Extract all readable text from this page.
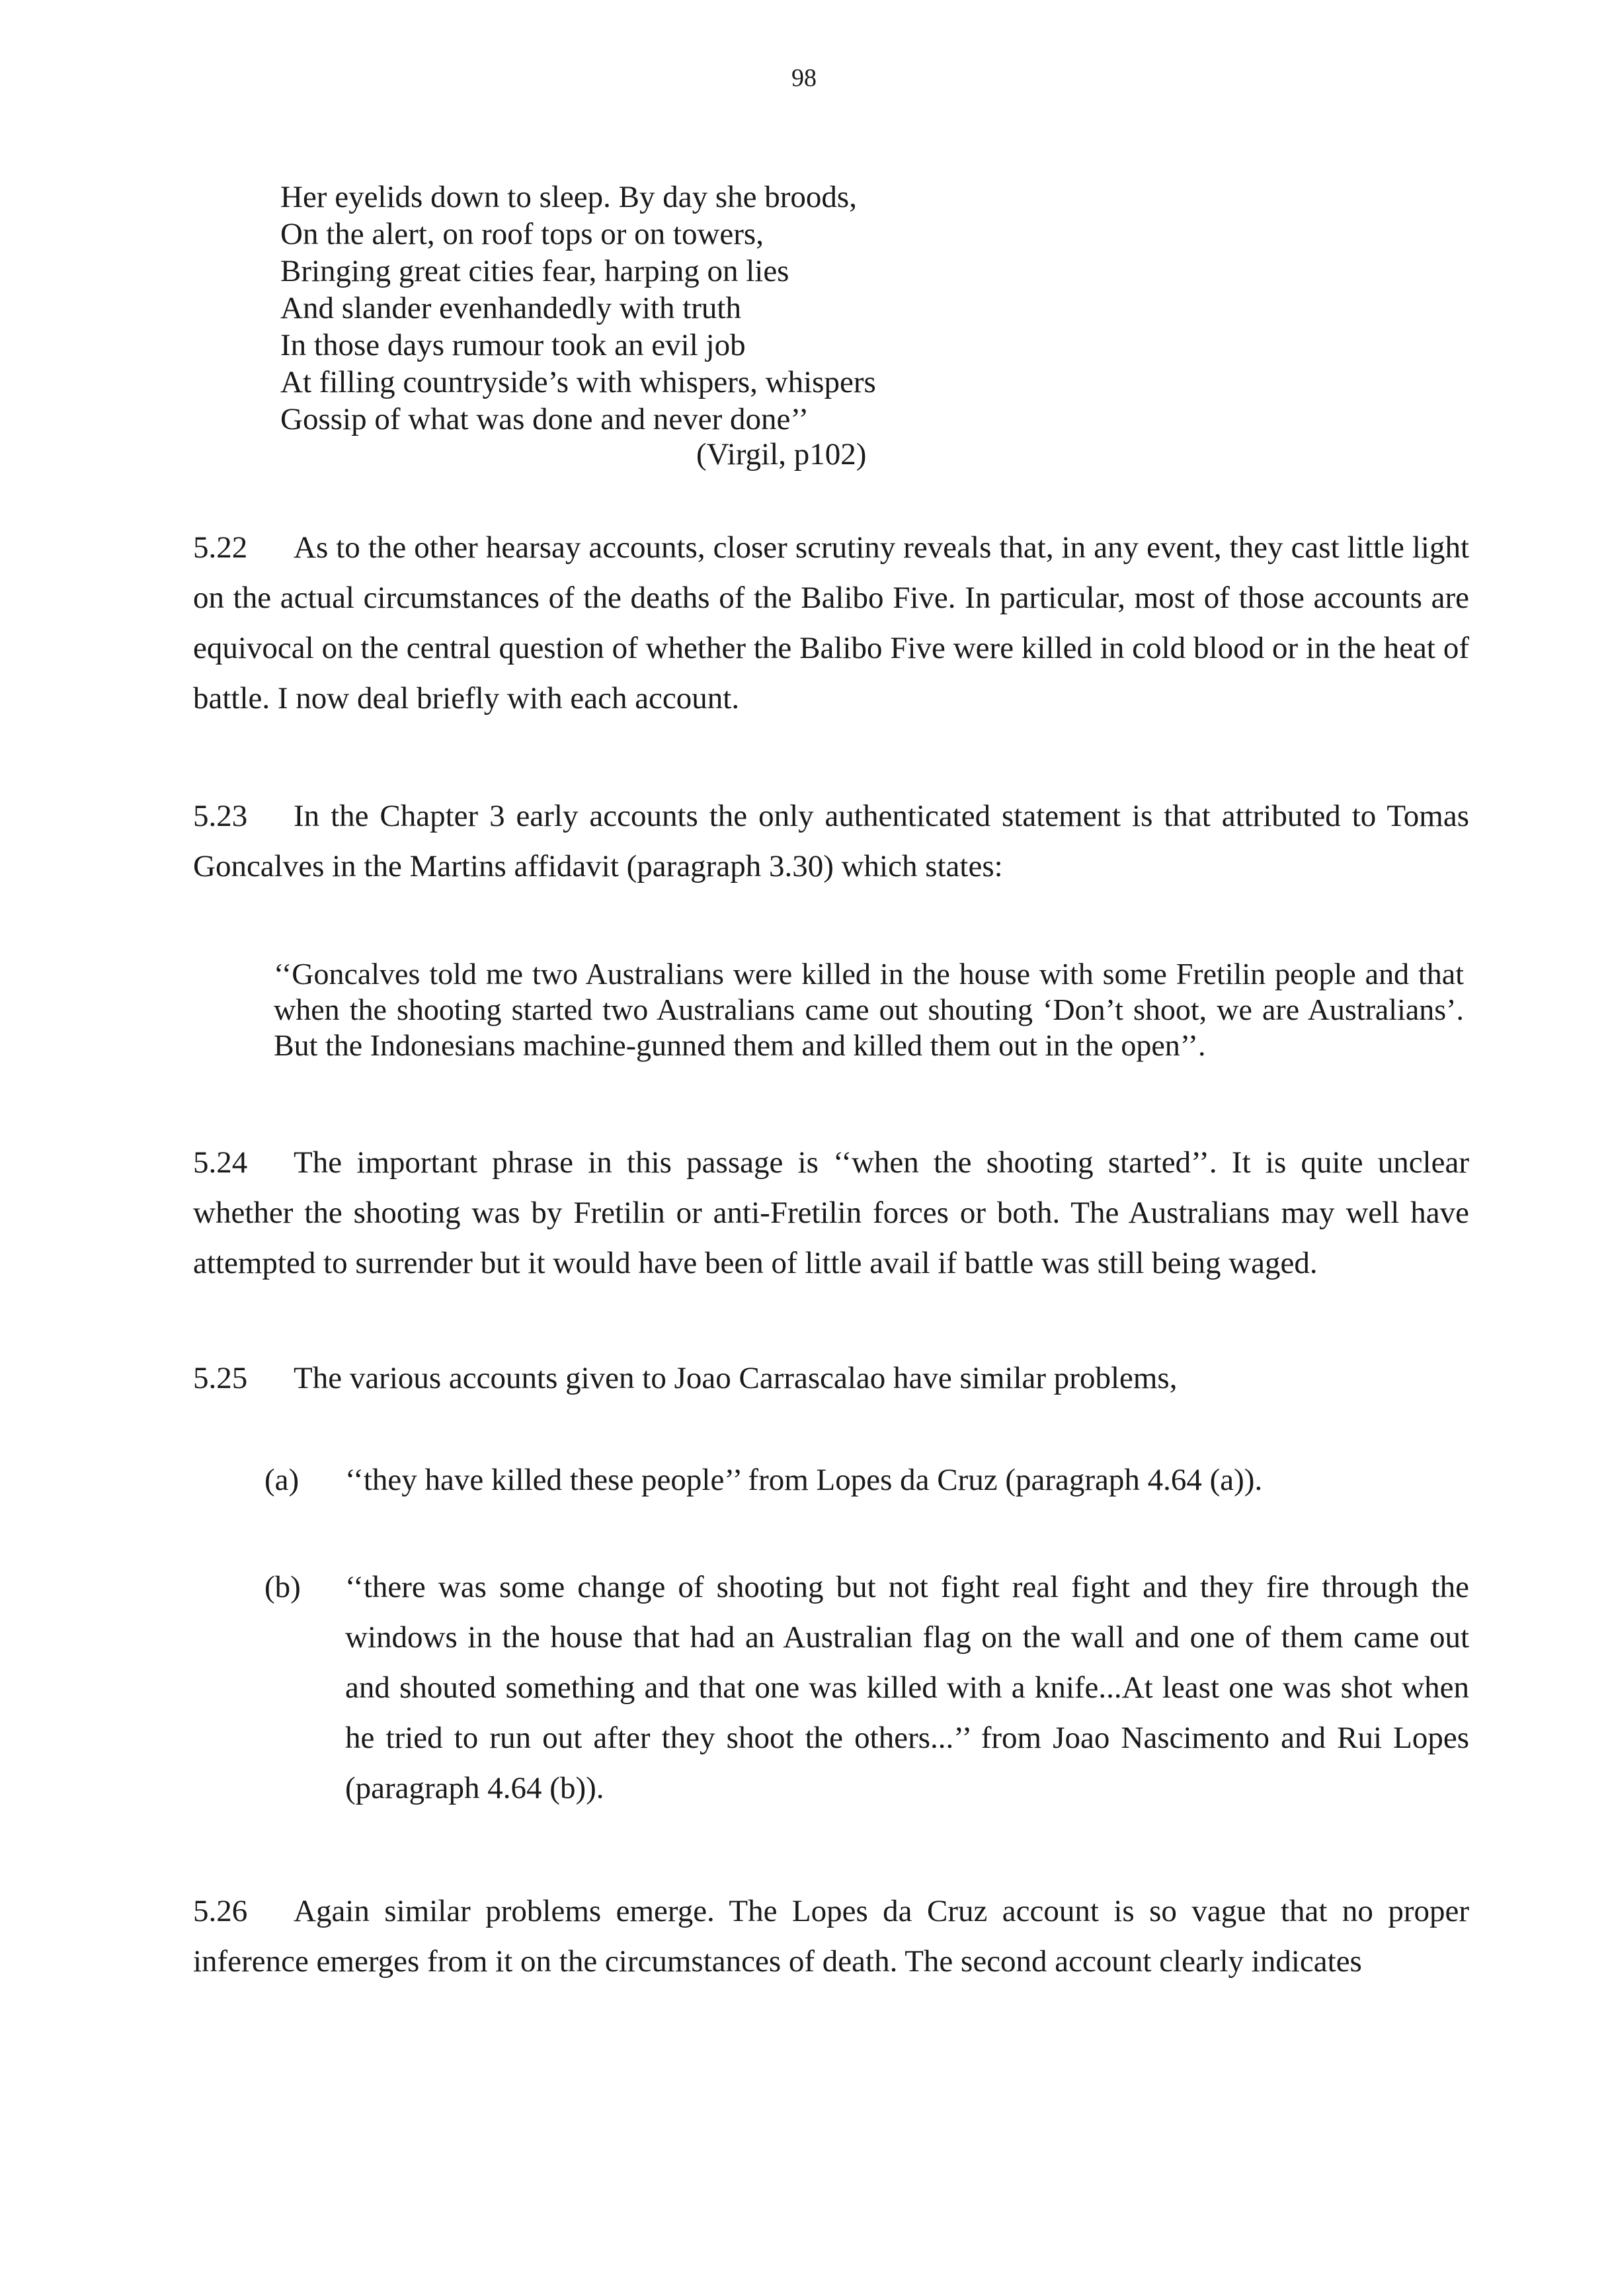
98
Her eyelids down to sleep. By day she broods,
On the alert, on roof tops or on towers,
Bringing great cities fear, harping on lies
And slander evenhandedly with truth
In those days rumour took an evil job
At filling countryside’s with whispers, whispers
Gossip of what was done and never done’’
(Virgil, p102)
5.22 As to the other hearsay accounts, closer scrutiny reveals that, in any event, they cast little light on the actual circumstances of the deaths of the Balibo Five. In particular, most of those accounts are equivocal on the central question of whether the Balibo Five were killed in cold blood or in the heat of battle. I now deal briefly with each account.
5.23 In the Chapter 3 early accounts the only authenticated statement is that attributed to Tomas Goncalves in the Martins affidavit (paragraph 3.30) which states:
‘‘Goncalves told me two Australians were killed in the house with some Fretilin people and that when the shooting started two Australians came out shouting ‘Don’t shoot, we are Australians’. But the Indonesians machine-gunned them and killed them out in the open’’.
5.24 The important phrase in this passage is ‘‘when the shooting started’’. It is quite unclear whether the shooting was by Fretilin or anti-Fretilin forces or both. The Australians may well have attempted to surrender but it would have been of little avail if battle was still being waged.
5.25 The various accounts given to Joao Carrascalao have similar problems,
(a)	‘‘they have killed these people’’ from Lopes da Cruz (paragraph 4.64 (a)).
(b)	‘‘there was some change of shooting but not fight real fight and they fire through the windows in the house that had an Australian flag on the wall and one of them came out and shouted something and that one was killed with a knife...At least one was shot when he tried to run out after they shoot the others...’’ from Joao Nascimento and Rui Lopes (paragraph 4.64 (b)).
5.26 Again similar problems emerge. The Lopes da Cruz account is so vague that no proper inference emerges from it on the circumstances of death. The second account clearly indicates
